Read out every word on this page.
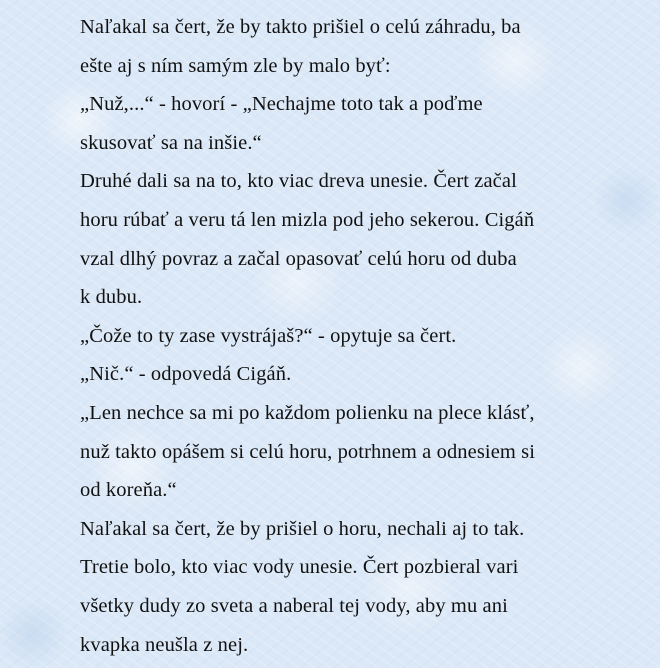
Naľakal sa čert, že by takto prišiel o celú záhradu, ba
ešte aj s ním samým zle by malo byť:
„Nuž,...“ - hovorí - „Nechajme toto tak a poďme
skusovať sa na inšie.“
Druhé dali sa na to, kto viac dreva unesie. Čert začal
horu rúbať a veru tá len mizla pod jeho sekerou. Cigáň
vzal dlhý povraz a začal opasovať celú horu od duba
k dubu.
„Čože to ty zase vystrájaš?“ - opytuje sa čert.
„Nič.“ - odpovedá Cigáň.
„Len nechce sa mi po každom polienku na plece klásť,
nuž takto opášem si celú horu, potrhnem a odnesiem si
od koreňa.“
Naľakal sa čert, že by prišiel o horu, nechali aj to tak.
Tretie bolo, kto viac vody unesie. Čert pozbieral vari
všetky dudy zo sveta a naberal tej vody, aby mu ani
kvapka neušla z nej.
